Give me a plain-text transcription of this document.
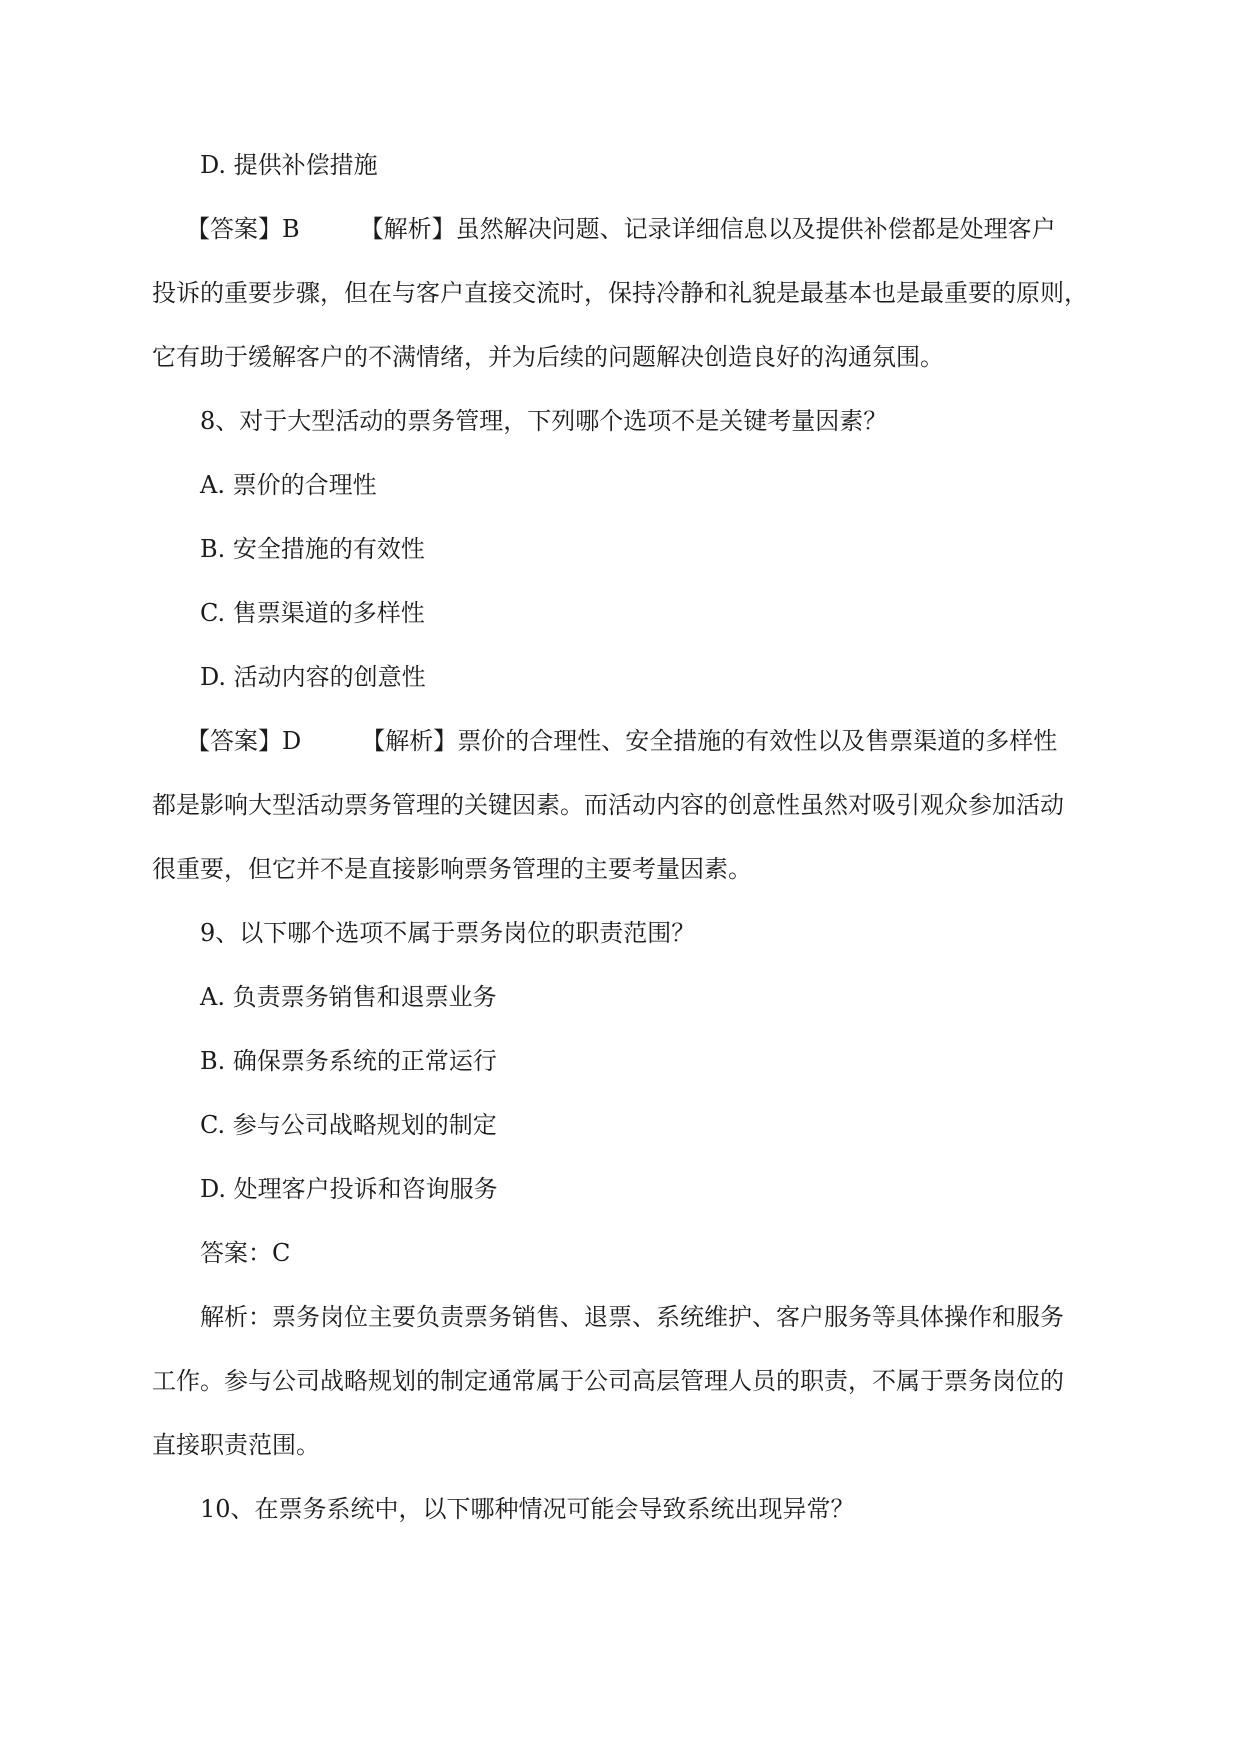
D. 提供补偿措施

【答案】B	【解析】虽然解决问题、记录详细信息以及提供补偿都是处理客户

投诉的重要步骤，但在与客户直接交流时，保持冷静和礼貌是最基本也是最重要的原则，

它有助于缓解客户的不满情绪，并为后续的问题解决创造良好的沟通氛围。

8、对于大型活动的票务管理，下列哪个选项不是关键考量因素？

A. 票价的合理性

B. 安全措施的有效性

C. 售票渠道的多样性

D. 活动内容的创意性

【答案】D	【解析】票价的合理性、安全措施的有效性以及售票渠道的多样性

都是影响大型活动票务管理的关键因素。而活动内容的创意性虽然对吸引观众参加活动

很重要，但它并不是直接影响票务管理的主要考量因素。

9、以下哪个选项不属于票务岗位的职责范围？

A. 负责票务销售和退票业务

B. 确保票务系统的正常运行

C. 参与公司战略规划的制定

D. 处理客户投诉和咨询服务

答案：C

解析：票务岗位主要负责票务销售、退票、系统维护、客户服务等具体操作和服务

工作。参与公司战略规划的制定通常属于公司高层管理人员的职责，不属于票务岗位的

直接职责范围。

10、在票务系统中，以下哪种情况可能会导致系统出现异常？
